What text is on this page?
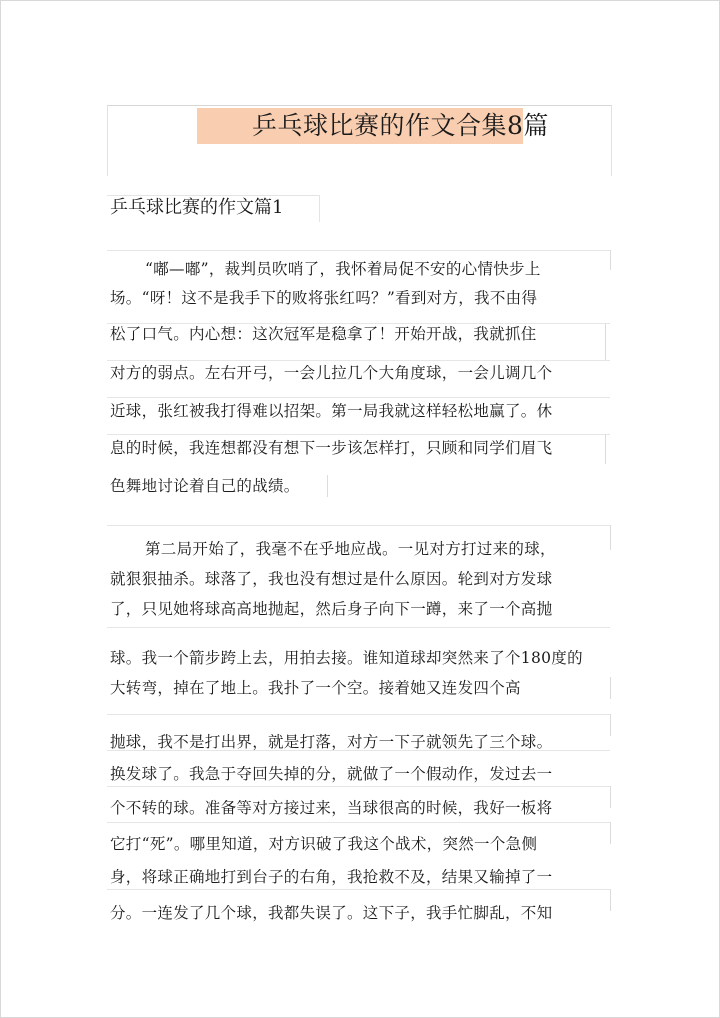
乒乓球比赛的作文合集8篇
乒乓球比赛的作文篇1
“嘟—嘟”，裁判员吹哨了，我怀着局促不安的心情快步上
场。“呀！这不是我手下的败将张红吗？”看到对方，我不由得
松了口气。内心想：这次冠军是稳拿了！开始开战，我就抓住
对方的弱点。左右开弓，一会儿拉几个大角度球，一会儿调几个
近球，张红被我打得难以招架。第一局我就这样轻松地赢了。休
息的时候，我连想都没有想下一步该怎样打，只顾和同学们眉飞
色舞地讨论着自己的战绩。
第二局开始了，我毫不在乎地应战。一见对方打过来的球，
就狠狠抽杀。球落了，我也没有想过是什么原因。轮到对方发球
了，只见她将球高高地抛起，然后身子向下一蹲，来了一个高抛
球。我一个箭步跨上去，用拍去接。谁知道球却突然来了个180度的
大转弯，掉在了地上。我扑了一个空。接着她又连发四个高
抛球，我不是打出界，就是打落，对方一下子就领先了三个球。
换发球了。我急于夺回失掉的分，就做了一个假动作，发过去一
个不转的球。准备等对方接过来，当球很高的时候，我好一板将
它打“死”。哪里知道，对方识破了我这个战术，突然一个急侧
身，将球正确地打到台子的右角，我抢救不及，结果又输掉了一
分。一连发了几个球，我都失误了。这下子，我手忙脚乱，不知
